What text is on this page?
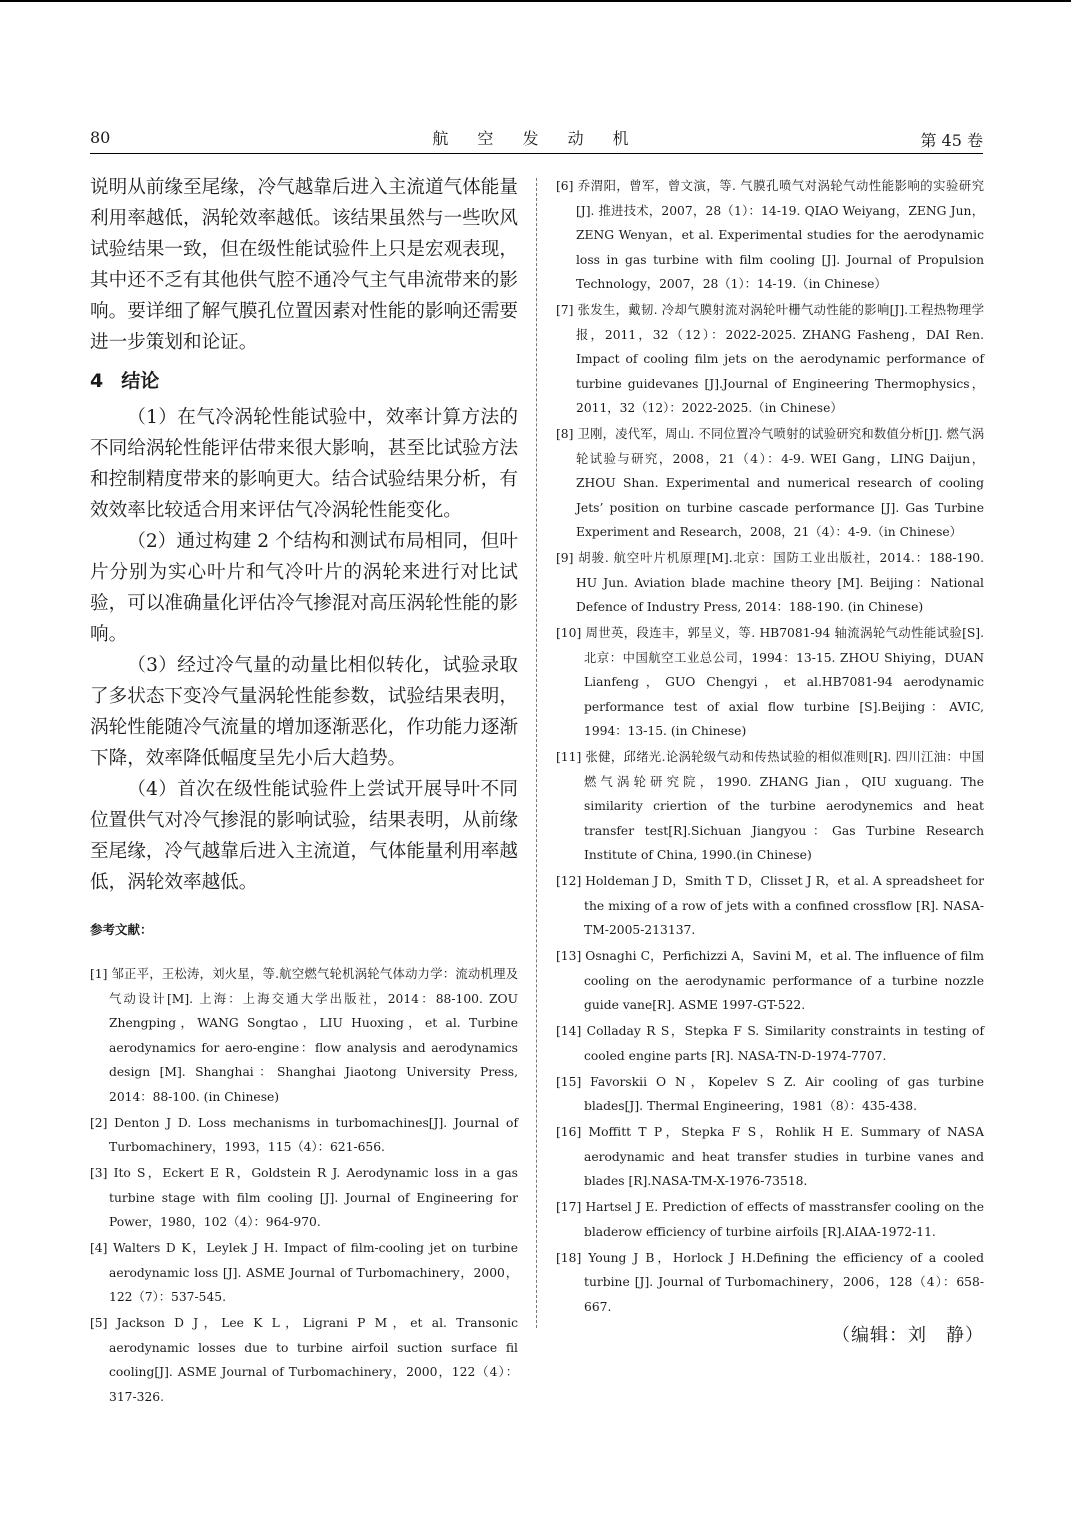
80	航 空 发 动 机	第 45 卷

说明从前缘至尾缘，冷气越靠后进入主流道气体能量利用率越低，涡轮效率越低。该结果虽然与一些吹风试验结果一致，但在级性能试验件上只是宏观表现，其中还不乏有其他供气腔不通冷气主气串流带来的影响。要详细了解气膜孔位置因素对性能的影响还需要进一步策划和论证。

4 结论

（1）在气冷涡轮性能试验中，效率计算方法的不同给涡轮性能评估带来很大影响，甚至比试验方法和控制精度带来的影响更大。结合试验结果分析，有效效率比较适合用来评估气冷涡轮性能变化。

（2）通过构建 2 个结构和测试布局相同，但叶片分别为实心叶片和气冷叶片的涡轮来进行对比试验，可以准确量化评估冷气掺混对高压涡轮性能的影响。

（3）经过冷气量的动量比相似转化，试验录取了多状态下变冷气量涡轮性能参数，试验结果表明，涡轮性能随冷气流量的增加逐渐恶化，作功能力逐渐下降，效率降低幅度呈先小后大趋势。

（4）首次在级性能试验件上尝试开展导叶不同位置供气对冷气掺混的影响试验，结果表明，从前缘至尾缘，冷气越靠后进入主流道，气体能量利用率越低，涡轮效率越低。

参考文献：

[1] 邹正平，王松涛，刘火星，等.航空燃气轮机涡轮气体动力学：流动机理及气动设计[M]. 上海：上海交通大学出版社，2014：88-100. ZOU Zhengping，WANG Songtao，LIU Huoxing，et al. Turbine aerodynamics for aero-engine：flow analysis and aerodynamics design [M]. Shanghai：Shanghai Jiaotong University Press, 2014：88-100. (in Chinese)

[2] Denton J D. Loss mechanisms in turbomachines[J]. Journal of Turbomachinery，1993，115（4）：621-656.

[3] Ito S，Eckert E R，Goldstein R J. Aerodynamic loss in a gas turbine stage with film cooling [J]. Journal of Engineering for Power，1980，102（4）：964-970.

[4] Walters D K，Leylek J H. Impact of film-cooling jet on turbine aerodynamic loss [J]. ASME Journal of Turbomachinery，2000，122（7）：537-545.

[5] Jackson D J，Lee K L，Ligrani P M，et al. Transonic aerodynamic losses due to turbine airfoil suction surface fil cooling[J]. ASME Journal of Turbomachinery，2000，122（4）：317-326.

[6] 乔渭阳，曾军，曾文演，等. 气膜孔喷气对涡轮气动性能影响的实验研究[J]. 推进技术，2007，28（1）：14-19. QIAO Weiyang，ZENG Jun，ZENG Wenyan，et al. Experimental studies for the aerodynamic loss in gas turbine with film cooling [J]. Journal of Propulsion Technology，2007，28（1）：14-19.（in Chinese）

[7] 张发生，戴韧. 冷却气膜射流对涡轮叶栅气动性能的影响[J].工程热物理学报，2011，32（12）：2022-2025. ZHANG Fasheng，DAI Ren. Impact of cooling film jets on the aerodynamic performance of turbine guidevanes [J].Journal of Engineering Thermophysics，2011，32（12）：2022-2025.（in Chinese）

[8] 卫刚，凌代军，周山. 不同位置冷气喷射的试验研究和数值分析[J]. 燃气涡轮试验与研究，2008，21（4）：4-9. WEI Gang，LING Daijun，ZHOU Shan. Experimental and numerical research of cooling Jets’ position on turbine cascade performance [J]. Gas Turbine Experiment and Research，2008，21（4）：4-9.（in Chinese）

[9] 胡骏. 航空叶片机原理[M].北京：国防工业出版社，2014.：188-190. HU Jun. Aviation blade machine theory [M]. Beijing：National Defence of Industry Press, 2014：188-190. (in Chinese)

[10] 周世英，段连丰，郭呈义，等. HB7081-94 轴流涡轮气动性能试验[S].北京：中国航空工业总公司，1994：13-15. ZHOU Shiying，DUAN Lianfeng，GUO Chengyi，et al.HB7081-94 aerodynamic performance test of axial flow turbine [S].Beijing：AVIC, 1994：13-15. (in Chinese)

[11] 张健，邱绪光.论涡轮级气动和传热试验的相似准则[R]. 四川江油：中国燃气涡轮研究院，1990. ZHANG Jian，QIU xuguang. The similarity criertion of the turbine aerodynemics and heat transfer test[R].Sichuan Jiangyou：Gas Turbine Research Institute of China, 1990.(in Chinese)

[12] Holdeman J D，Smith T D，Clisset J R，et al. A spreadsheet for the mixing of a row of jets with a confined crossflow [R]. NASA-TM-2005-213137.

[13] Osnaghi C，Perfichizzi A，Savini M，et al. The influence of film cooling on the aerodynamic performance of a turbine nozzle guide vane[R]. ASME 1997-GT-522.

[14] Colladay R S，Stepka F S. Similarity constraints in testing of cooled engine parts [R]. NASA-TN-D-1974-7707.

[15] Favorskii O N，Kopelev S Z. Air cooling of gas turbine blades[J]. Thermal Engineering，1981（8）：435-438.

[16] Moffitt T P，Stepka F S，Rohlik H E. Summary of NASA aerodynamic and heat transfer studies in turbine vanes and blades [R].NASA-TM-X-1976-73518.

[17] Hartsel J E. Prediction of effects of masstransfer cooling on the bladerow efficiency of turbine airfoils [R].AIAA-1972-11.

[18] Young J B，Horlock J H.Defining the efficiency of a cooled turbine [J]. Journal of Turbomachinery，2006，128（4）：658-667.

（编辑：刘　静）
